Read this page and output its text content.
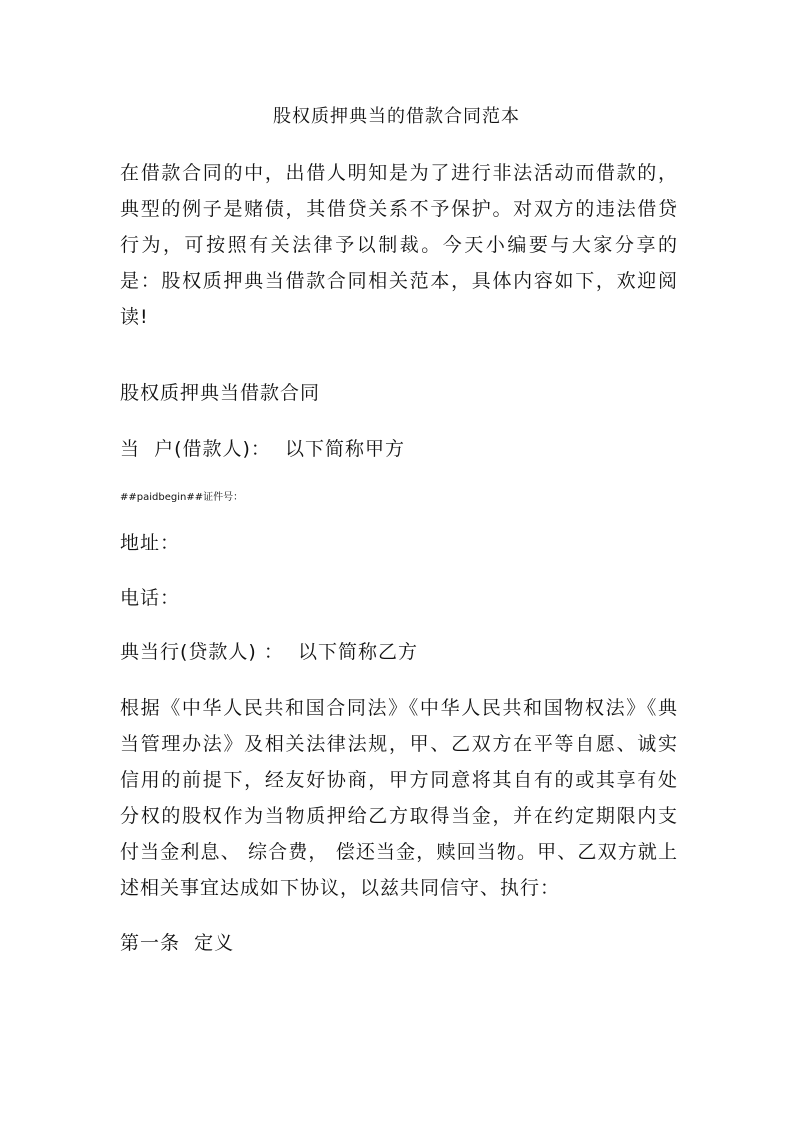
股权质押典当的借款合同范本
在借款合同的中，出借人明知是为了进行非法活动而借款的，典型的例子是赌债，其借贷关系不予保护。对双方的违法借贷行为，可按照有关法律予以制裁。今天小编要与大家分享的是：股权质押典当借款合同相关范本，具体内容如下，欢迎阅读!
股权质押典当借款合同
当  户(借款人)：  以下简称甲方
##paidbegin##证件号：
地址：
电话：
典当行(贷款人) ：  以下简称乙方
根据《中华人民共和国合同法》《中华人民共和国物权法》《典当管理办法》及相关法律法规，甲、乙双方在平等自愿、诚实信用的前提下，经友好协商，甲方同意将其自有的或其享有处分权的股权作为当物质押给乙方取得当金，并在约定期限内支付当金利息、 综合费， 偿还当金，赎回当物。甲、乙双方就上述相关事宜达成如下协议，以兹共同信守、执行：
第一条  定义
